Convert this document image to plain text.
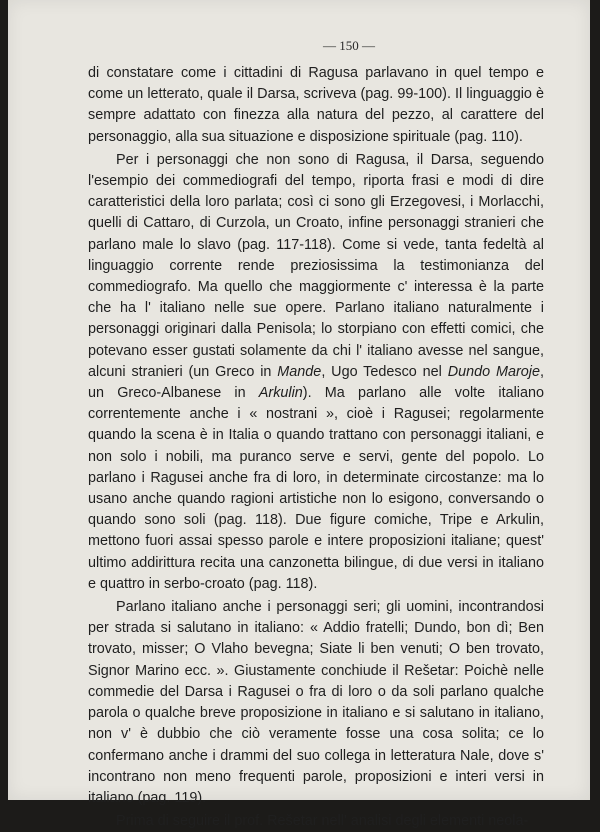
— 150 —

di constatare come i cittadini di Ragusa parlavano in quel tempo e come un letterato, quale il Darsa, scriveva (pag. 99-100). Il linguaggio è sempre adattato con finezza alla natura del pezzo, al carattere del personaggio, alla sua situazione e disposizione spirituale (pag. 110).

Per i personaggi che non sono di Ragusa, il Darsa, seguendo l'esempio dei commediografi del tempo, riporta frasi e modi di dire caratteristici della loro parlata; così ci sono gli Erzegovesi, i Morlacchi, quelli di Cattaro, di Curzola, un Croato, infine personaggi stranieri che parlano male lo slavo (pag. 117-118). Come si vede, tanta fedeltà al linguaggio corrente rende preziosissima la testimonianza del commediografo. Ma quello che maggiormente c' interessa è la parte che ha l' italiano nelle sue opere. Parlano italiano naturalmente i personaggi originari dalla Penisola; lo storpiano con effetti comici, che potevano esser gustati solamente da chi l' italiano avesse nel sangue, alcuni stranieri (un Greco in Mande, Ugo Tedesco nel Dundo Maroje, un Greco-Albanese in Arkulin). Ma parlano alle volte italiano correntemente anche i « nostrani », cioè i Ragusei; regolarmente quando la scena è in Italia o quando trattano con personaggi italiani, e non solo i nobili, ma puranco serve e servi, gente del popolo. Lo parlano i Ragusei anche fra di loro, in determinate circostanze: ma lo usano anche quando ragioni artistiche non lo esigono, conversando o quando sono soli (pag. 118). Due figure comiche, Tripe e Arkulin, mettono fuori assai spesso parole e intere proposizioni italiane; quest' ultimo addirittura recita una canzonetta bilingue, di due versi in italiano e quattro in serbo-croato (pag. 118).

Parlano italiano anche i personaggi seri; gli uomini, incontrandosi per strada si salutano in italiano: « Addio fratelli; Dundo, bon dì; Ben trovato, misser; O Vlaho bevegna; Siate li ben venuti; O ben trovato, Signor Marino ecc. ». Giustamente conchiude il Rešetar: Poichè nelle commedie del Darsa i Ragusei o fra di loro o da soli parlano qualche parola o qualche breve proposizione in italiano e si salutano in italiano, non v' è dubbio che ciò veramente fosse una cosa solita; ce lo confermano anche i drammi del suo collega in letteratura Nale, dove s' incontrano non meno frequenti parole, proposizioni e interi versi in italiano (pag. 119).

Prima di seguire il prof. Rešetar nell' analisi degli elementi neola-
